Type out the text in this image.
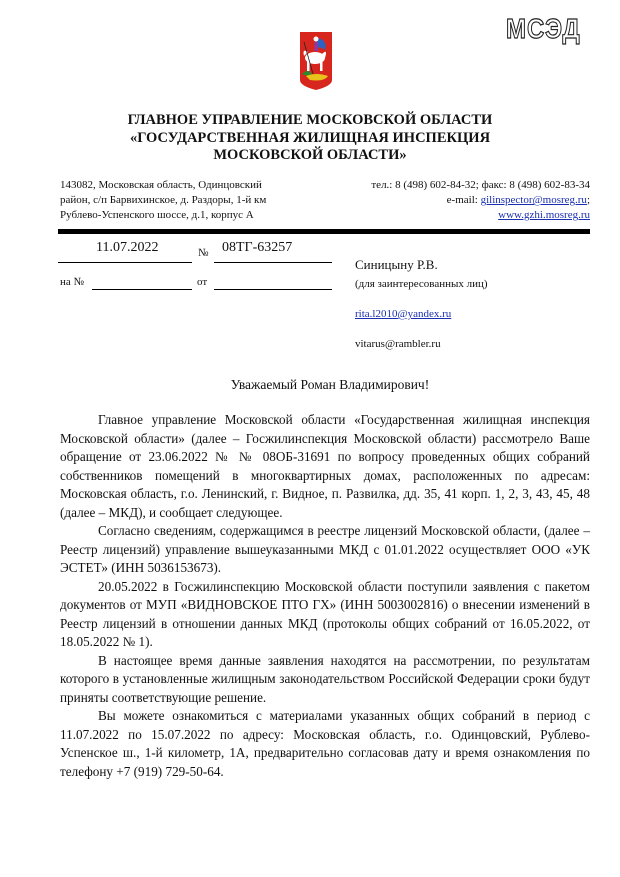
МСЭД
ГЛАВНОЕ УПРАВЛЕНИЕ МОСКОВСКОЙ ОБЛАСТИ
«ГОСУДАРСТВЕННАЯ ЖИЛИЩНАЯ ИНСПЕКЦИЯ
МОСКОВСКОЙ ОБЛАСТИ»
143082, Московская область, Одинцовский
район, с/п Барвихинское, д. Раздоры, 1-й км
Рублево-Успенского шоссе, д.1, корпус А
тел.: 8 (498) 602-84-32; факс: 8 (498) 602-83-34
e-mail: gilinspector@mosreg.ru;
www.gzhi.mosreg.ru
11.07.2022	№ 08ТГ-63257
на №	от
Синицыну Р.В.
(для заинтересованных лиц)
rita.l2010@yandex.ru
vitarus@rambler.ru
Уважаемый Роман Владимирович!

Главное управление Московской области «Государственная жилищная инспекция Московской области» (далее – Госжилинспекция Московской области) рассмотрело Ваше обращение от 23.06.2022 № № 08ОБ-31691 по вопросу проведенных общих собраний собственников помещений в многоквартирных домах, расположенных по адресам: Московская область, г.о. Ленинский, г. Видное, п. Развилка, дд. 35, 41 корп. 1, 2, 3, 43, 45, 48 (далее – МКД), и сообщает следующее.

Согласно сведениям, содержащимся в реестре лицензий Московской области, (далее – Реестр лицензий) управление вышеуказанными МКД с 01.01.2022 осуществляет ООО «УК ЭСТЕТ» (ИНН 5036153673).

20.05.2022 в Госжилинспекцию Московской области поступили заявления с пакетом документов от МУП «ВИДНОВСКОЕ ПТО ГХ» (ИНН 5003002816) о внесении изменений в Реестр лицензий в отношении данных МКД (протоколы общих собраний от 16.05.2022, от 18.05.2022 № 1).

В настоящее время данные заявления находятся на рассмотрении, по результатам которого в установленные жилищным законодательством Российской Федерации сроки будут приняты соответствующие решение.

Вы можете ознакомиться с материалами указанных общих собраний в период с 11.07.2022 по 15.07.2022 по адресу: Московская область, г.о. Одинцовский, Рублево-Успенское ш., 1-й километр, 1А, предварительно согласовав дату и время ознакомления по телефону +7 (919) 729-50-64.
